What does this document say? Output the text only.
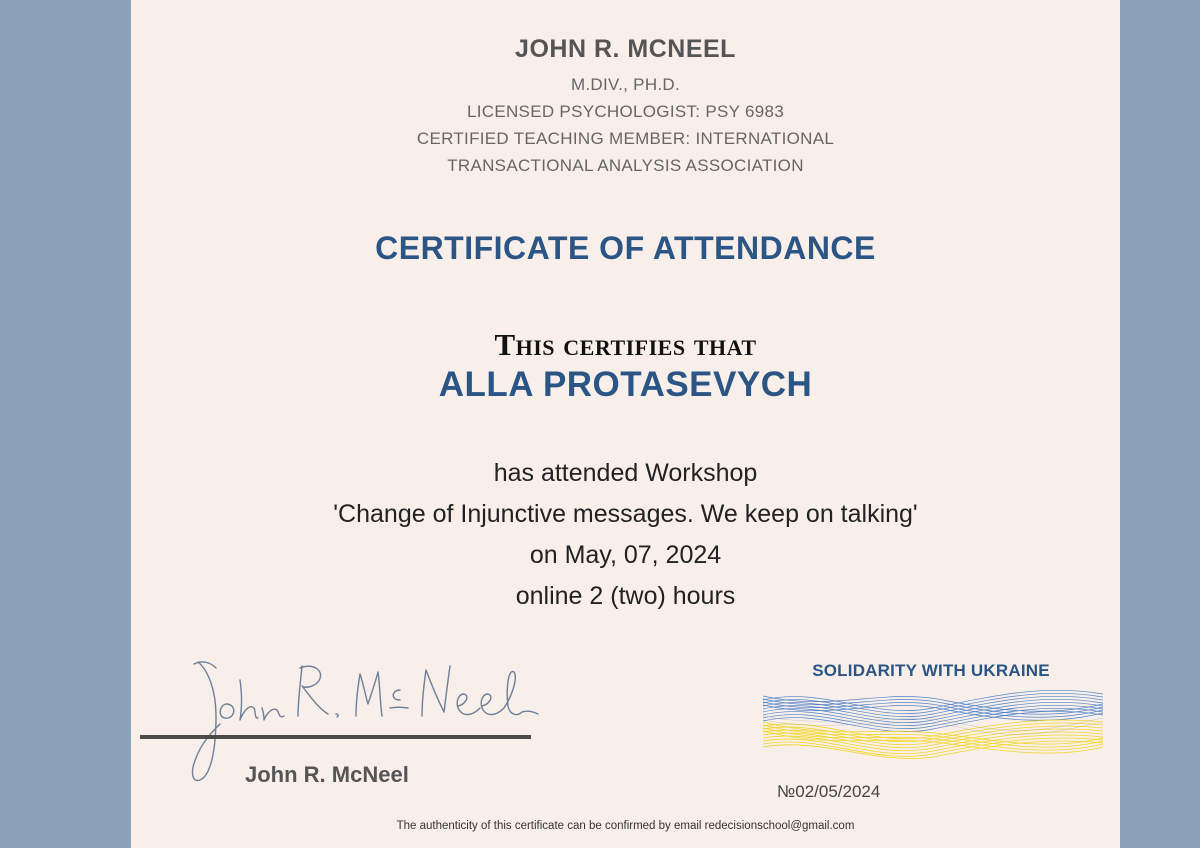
JOHN R. MCNEEL
M.DIV., PH.D.
LICENSED PSYCHOLOGIST: PSY 6983
CERTIFIED TEACHING MEMBER: INTERNATIONAL
TRANSACTIONAL ANALYSIS ASSOCIATION
CERTIFICATE OF ATTENDANCE
This certifies that
ALLA PROTASEVYCH
has attended Workshop
'Change of Injunctive messages. We keep on talking'
on May, 07, 2024
online 2 (two) hours
John R. McNeel
SOLIDARITY WITH UKRAINE
№02/05/2024
The authenticity of this certificate can be confirmed by email redecisionschool@gmail.com
